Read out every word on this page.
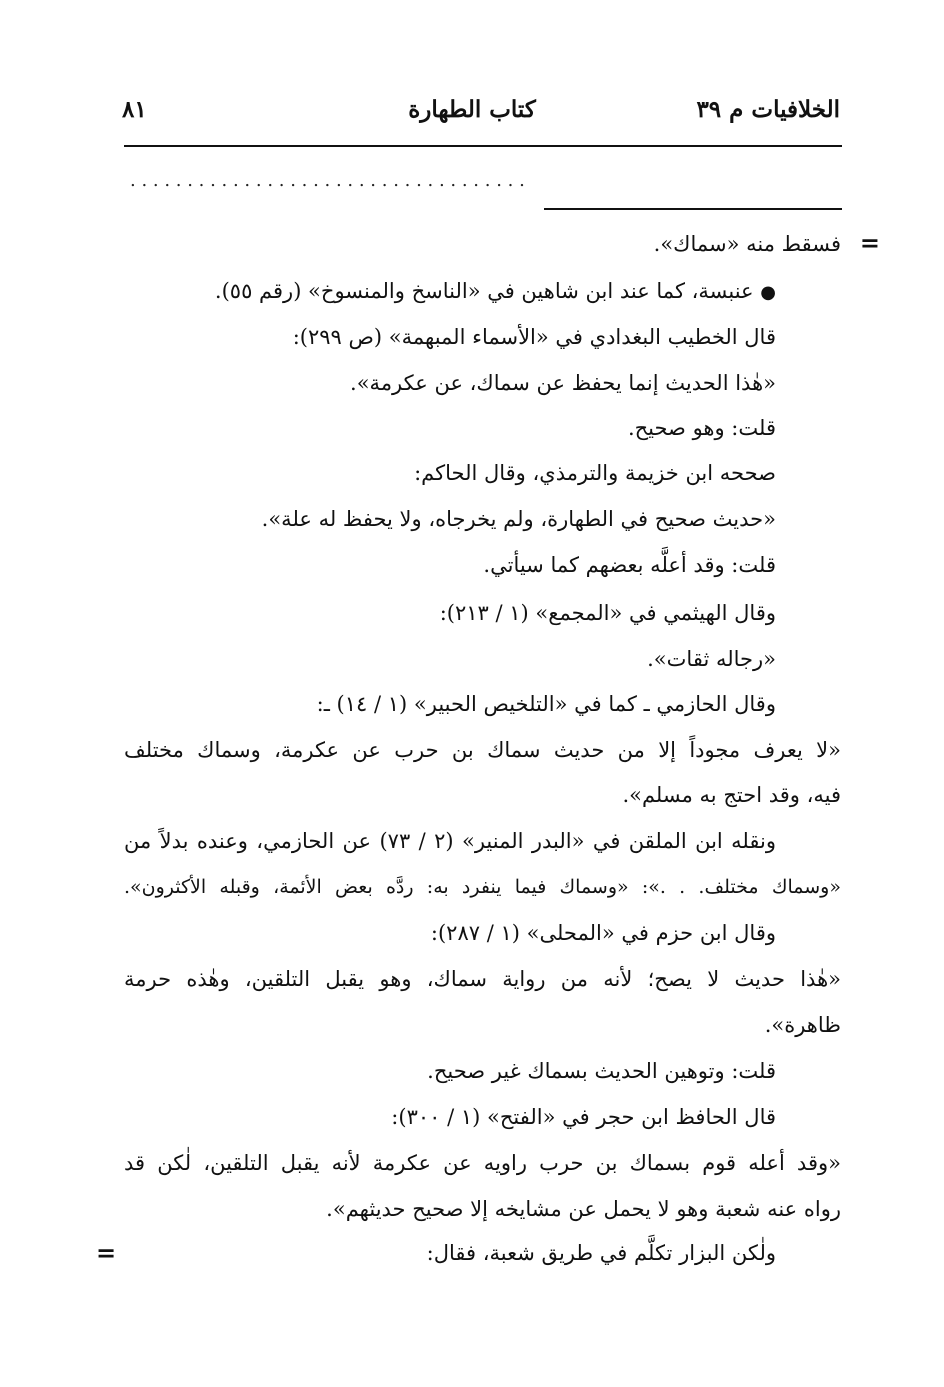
الخلافيات م ٣٩
كتاب الطهارة
٨١
. . . . . . . . . . . . . . . . . . . . . . . . . . . . . . . . . . .
=
فسقط منه «سماك».
● عنبسة، كما عند ابن شاهين في «الناسخ والمنسوخ» (رقم ٥٥).
قال الخطيب البغدادي في «الأسماء المبهمة» (ص ٢٩٩):
«هٰذا الحديث إنما يحفظ عن سماك، عن عكرمة».
قلت: وهو صحيح.
صححه ابن خزيمة والترمذي، وقال الحاكم:
«حديث صحيح في الطهارة، ولم يخرجاه، ولا يحفظ له علة».
قلت: وقد أعلَّه بعضهم كما سيأتي.
وقال الهيثمي في «المجمع» (١ / ٢١٣):
«رجاله ثقات».
وقال الحازمي ـ كما في «التلخيص الحبير» (١ / ١٤) ـ:
«لا يعرف مجوداً إلا من حديث سماك بن حرب عن عكرمة، وسماك مختلف
فيه، وقد احتج به مسلم».
ونقله ابن الملقن في «البدر المنير» (٢ / ٧٣) عن الحازمي، وعنده بدلاً من
«وسماك مختلف. . .»: «وسماك فيما ينفرد به: ردَّه بعض الأئمة، وقبله الأكثرون».
وقال ابن حزم في «المحلى» (١ / ٢٨٧):
«هٰذا حديث لا يصح؛ لأنه من رواية سماك، وهو يقبل التلقين، وهٰذه حرمة
ظاهرة».
قلت: وتوهين الحديث بسماك غير صحيح.
قال الحافظ ابن حجر في «الفتح» (١ / ٣٠٠):
«وقد أعله قوم بسماك بن حرب راويه عن عكرمة لأنه يقبل التلقين، لٰكن قد
رواه عنه شعبة وهو لا يحمل عن مشايخه إلا صحيح حديثهم».
ولٰكن البزار تكلَّم في طريق شعبة، فقال:
=
